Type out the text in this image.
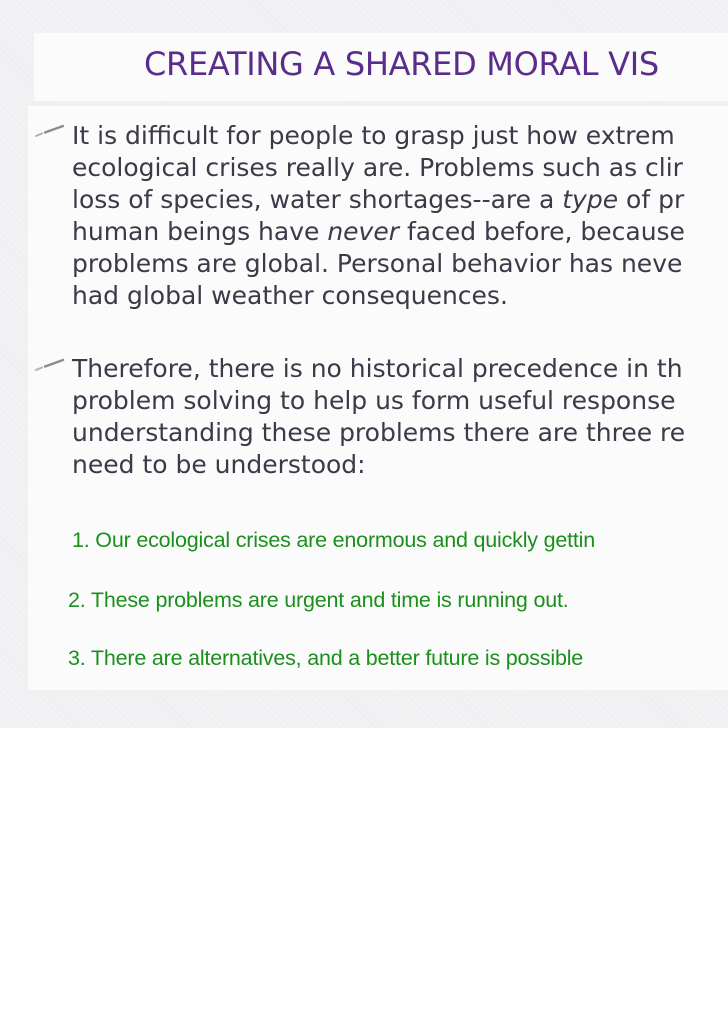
CREATING A SHARED MORAL VIS

It is difficult for people to grasp just how extrem
ecological crises really are. Problems such as clir
loss of species, water shortages--are a type of pr
human beings have never faced before, because
problems are global. Personal behavior has neve
had global weather consequences.

Therefore, there is no historical precedence in th
problem solving to help us form useful response
understanding these problems there are three re
need to be understood:

1. Our ecological crises are enormous and quickly gettin
2. These problems are urgent and time is running out.
3. There are alternatives, and a better future is possible
